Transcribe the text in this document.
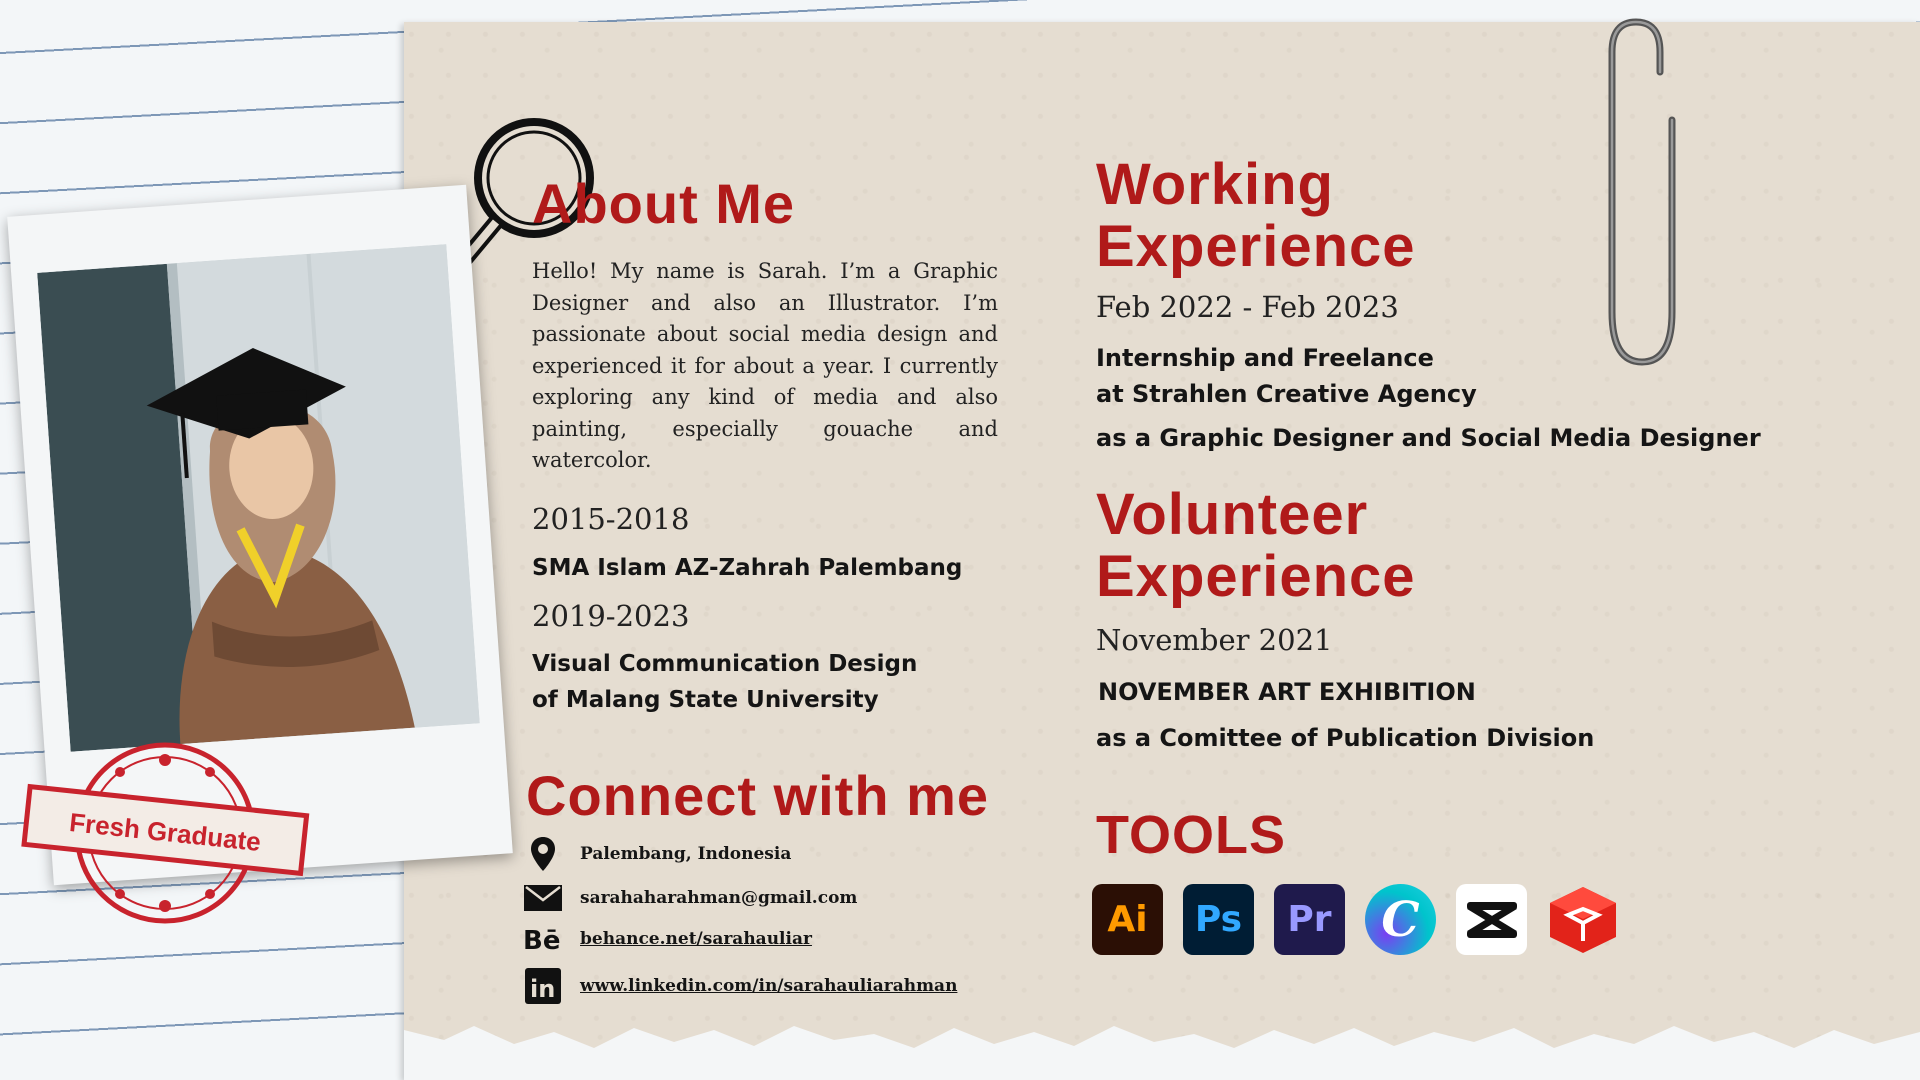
About Me

Hello! My name is Sarah. I’m a Graphic Designer and also an Illustrator. I’m passionate about social media design and experienced it for about a year. I currently exploring any kind of media and also painting, especially gouache and watercolor.

2015-2018

SMA Islam AZ-Zahrah Palembang

2019-2023

Visual Communication Design
of Malang State University
Connect with me
Palembang, Indonesia
sarahaharahman@gmail.com
Bē behance.net/sarahauliar
in www.linkedin.com/in/sarahauliarahman
Working
Experience

Feb 2022 - Feb 2023

Internship and Freelance
at Strahlen Creative Agency

as a Graphic Designer and Social Media Designer

Volunteer
Experience

November 2021

NOVEMBER ART EXHIBITION

as a Comittee of Publication Division

TOOLS
Ai	Ps	Pr	C
Fresh Graduate
